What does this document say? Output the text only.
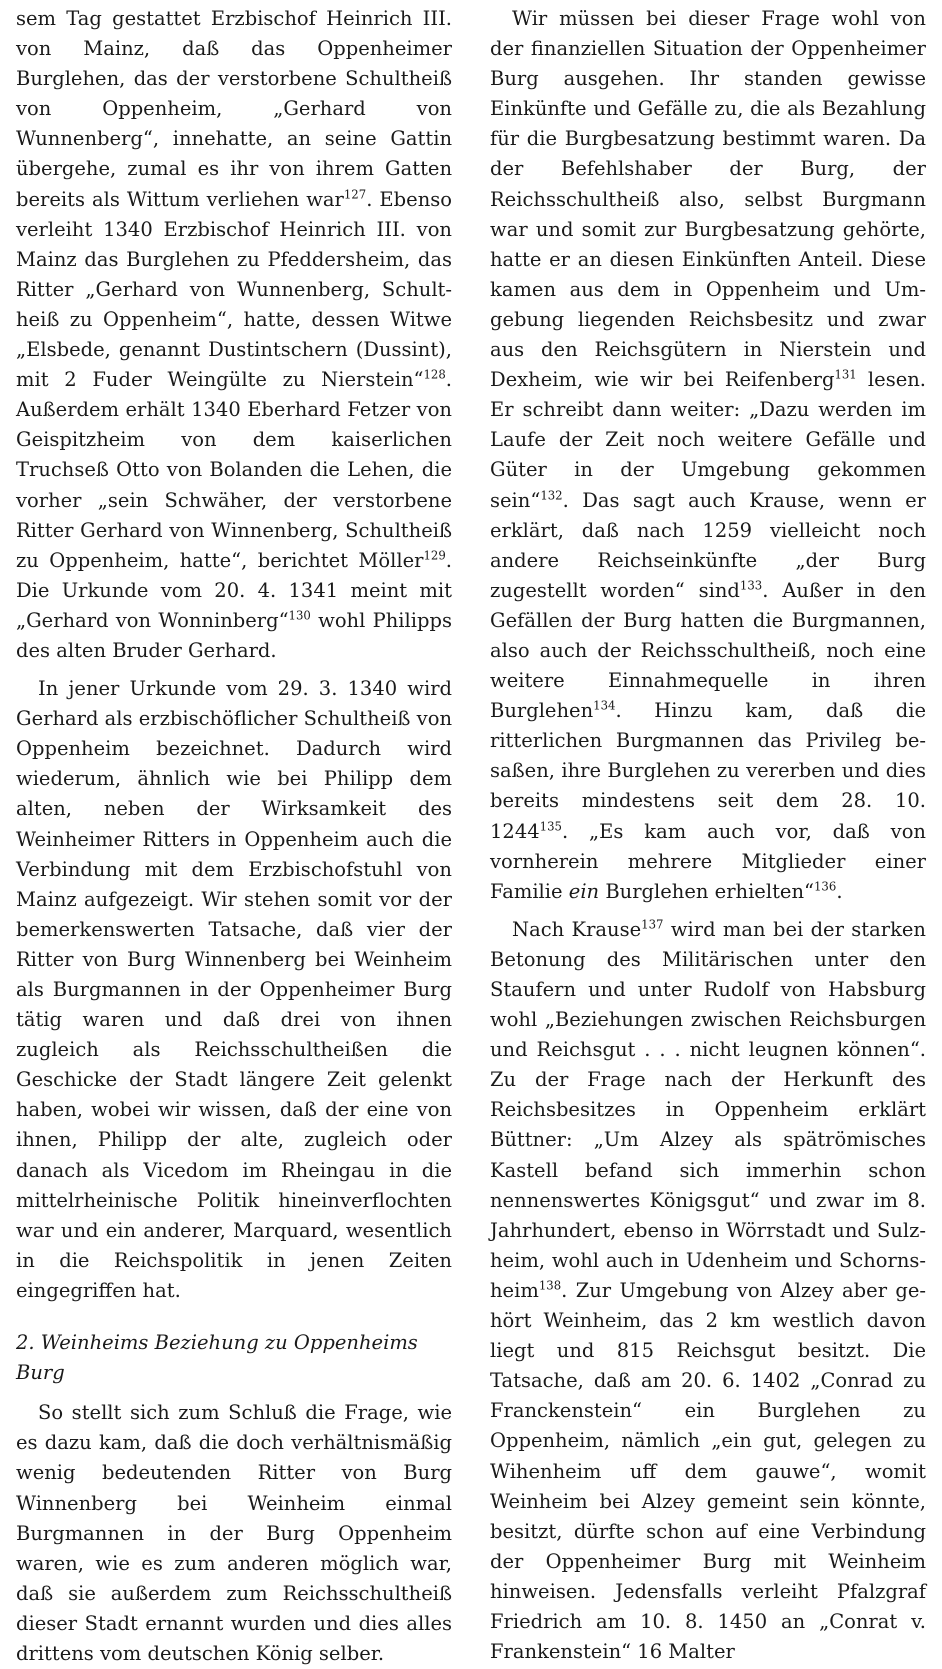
sem Tag gestattet Erzbischof Heinrich III. von Mainz, daß das Oppenheimer Burglehen, das der verstorbene Schultheiß von Oppenheim, „Gerhard von Wunnenberg“, innehatte, an seine Gattin übergehe, zumal es ihr von ihrem Gatten bereits als Wittum verliehen war$^{127}$. Ebenso verleiht 1340 Erzbischof Heinrich III. von Mainz das Burglehen zu Pfeddersheim, das Ritter „Gerhard von Wunnenberg, Schultheiß zu Oppenheim“, hatte, dessen Witwe „Elsbede, genannt Dustintschern (Dussint), mit 2 Fuder Weingülte zu Nierstein“$^{128}$. Außerdem erhält 1340 Eberhard Fetzer von Geispitzheim von dem kaiserlichen Truchseß Otto von Bolanden die Lehen, die vorher „sein Schwäher, der verstorbene Ritter Gerhard von Winnenberg, Schultheiß zu Oppenheim, hatte“, berichtet Möller$^{129}$. Die Urkunde vom 20. 4. 1341 meint mit „Gerhard von Wonninberg“$^{130}$ wohl Philipps des alten Bruder Gerhard.

In jener Urkunde vom 29. 3. 1340 wird Gerhard als erzbischöflicher Schultheiß von Oppenheim bezeichnet. Dadurch wird wiederum, ähnlich wie bei Philipp dem alten, neben der Wirksamkeit des Weinheimer Ritters in Oppenheim auch die Verbindung mit dem Erzbischofstuhl von Mainz aufgezeigt. Wir stehen somit vor der bemerkenswerten Tatsache, daß vier der Ritter von Burg Winnenberg bei Weinheim als Burgmannen in der Oppenheimer Burg tätig waren und daß drei von ihnen zugleich als Reichsschultheißen die Geschicke der Stadt längere Zeit gelenkt haben, wobei wir wissen, daß der eine von ihnen, Philipp der alte, zugleich oder danach als Vicedom im Rheingau in die mittelrheinische Politik hineinverflochten war und ein anderer, Marquard, wesentlich in die Reichspolitik in jenen Zeiten eingegriffen hat.

2. Weinheims Beziehung zu Oppenheims Burg

So stellt sich zum Schluß die Frage, wie es dazu kam, daß die doch verhältnismäßig wenig bedeutenden Ritter von Burg Winnenberg bei Weinheim einmal Burgmannen in der Burg Oppenheim waren, wie es zum anderen möglich war, daß sie außerdem zum Reichsschultheiß dieser Stadt ernannt wurden und dies alles drittens vom deutschen König selber.

Wir müssen bei dieser Frage wohl von der finanziellen Situation der Oppenheimer Burg ausgehen. Ihr standen gewisse Einkünfte und Gefälle zu, die als Bezahlung für die Burgbesatzung bestimmt waren. Da der Befehlshaber der Burg, der Reichsschultheiß also, selbst Burgmann war und somit zur Burgbesatzung gehörte, hatte er an diesen Einkünften Anteil. Diese kamen aus dem in Oppenheim und Umgebung liegenden Reichsbesitz und zwar aus den Reichsgütern in Nierstein und Dexheim, wie wir bei Reifenberg$^{131}$ lesen. Er schreibt dann weiter: „Dazu werden im Laufe der Zeit noch weitere Gefälle und Güter in der Umgebung gekommen sein“$^{132}$. Das sagt auch Krause, wenn er erklärt, daß nach 1259 vielleicht noch andere Reichseinkünfte „der Burg zugestellt worden“ sind$^{133}$. Außer in den Gefällen der Burg hatten die Burgmannen, also auch der Reichsschultheiß, noch eine weitere Einnahmequelle in ihren Burglehen$^{134}$. Hinzu kam, daß die ritterlichen Burgmannen das Privileg besaßen, ihre Burglehen zu vererben und dies bereits mindestens seit dem 28. 10. 1244$^{135}$. „Es kam auch vor, daß von vornherein mehrere Mitglieder einer Familie ein Burglehen erhielten“$^{136}$.

Nach Krause$^{137}$ wird man bei der starken Betonung des Militärischen unter den Staufern und unter Rudolf von Habsburg wohl „Beziehungen zwischen Reichsburgen und Reichsgut . . . nicht leugnen können“. Zu der Frage nach der Herkunft des Reichsbesitzes in Oppenheim erklärt Büttner: „Um Alzey als spätrömisches Kastell befand sich immerhin schon nennenswertes Königsgut“ und zwar im 8. Jahrhundert, ebenso in Wörrstadt und Sulzheim, wohl auch in Udenheim und Schornsheim$^{138}$. Zur Umgebung von Alzey aber gehört Weinheim, das 2 km westlich davon liegt und 815 Reichsgut besitzt. Die Tatsache, daß am 20. 6. 1402 „Conrad zu Franckenstein“ ein Burglehen zu Oppenheim, nämlich „ein gut, gelegen zu Wihenheim uff dem gauwe“, womit Weinheim bei Alzey gemeint sein könnte, besitzt, dürfte schon auf eine Verbindung der Oppenheimer Burg mit Weinheim hinweisen. Jedensfalls verleiht Pfalzgraf Friedrich am 10. 8. 1450 an „Conrat v. Frankenstein“ 16 Malter
